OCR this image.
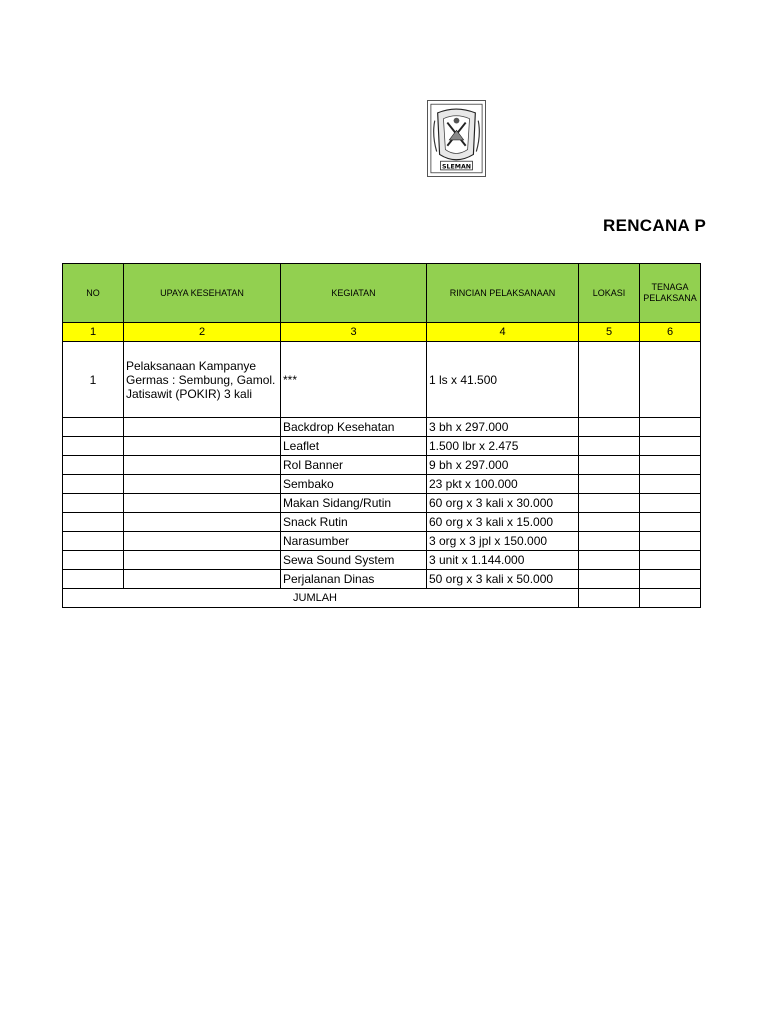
SLEMAN
RENCANA P
NO	UPAYA KESEHATAN	KEGIATAN	RINCIAN PELAKSANAAN	LOKASI	TENAGA PELAKSANA
1	2	3	4	5	6
1	Pelaksanaan Kampanye Germas : Sembung, Gamol. Jatisawit (POKIR) 3 kali	***	1 ls x 41.500		
		Backdrop Kesehatan	3 bh x 297.000		
		Leaflet	1.500 lbr x 2.475		
		Rol Banner	9 bh x 297.000		
		Sembako	23 pkt x 100.000		
		Makan Sidang/Rutin	60 org x 3 kali x 30.000		
		Snack Rutin	60 org x 3 kali x 15.000		
		Narasumber	3 org x 3 jpl x 150.000		
		Sewa Sound System	3 unit x 1.144.000		
		Perjalanan Dinas	50 org x 3 kali x 50.000		
JUMLAH					
